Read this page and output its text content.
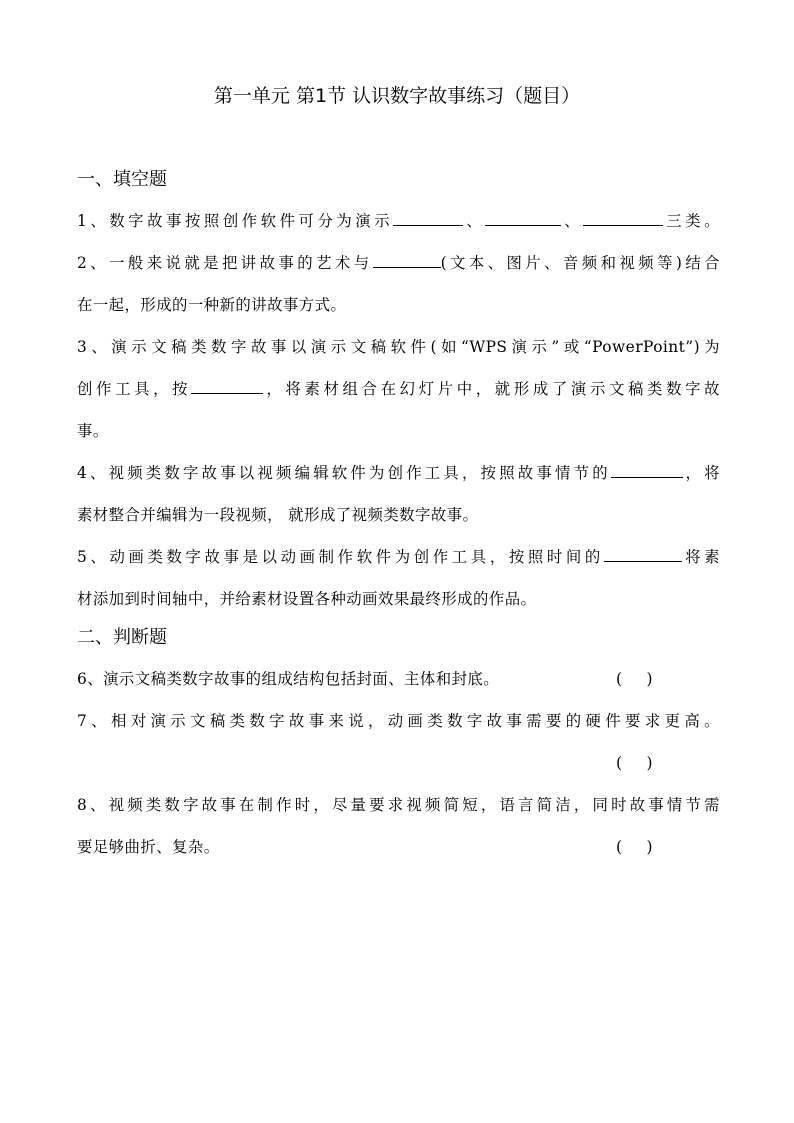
第一单元 第1节 认识数字故事练习（题目）
一、填空题
1、数字故事按照创作软件可分为演示	、	、	三类。
2、一般来说就是把讲故事的艺术与	(文本、图片、音频和视频等)结合
在一起，形成的一种新的讲故事方式。
3、演示文稿类数字故事以演示文稿软件(如“WPS演示”或“PowerPoint”)为
创作工具，按	，将素材组合在幻灯片中，就形成了演示文稿类数字故
事。
4、视频类数字故事以视频编辑软件为创作工具，按照故事情节的	，将
素材整合并编辑为一段视频， 就形成了视频类数字故事。
5、动画类数字故事是以动画制作软件为创作工具，按照时间的	将素
材添加到时间轴中，并给素材设置各种动画效果最终形成的作品。
二、判断题
6、演示文稿类数字故事的组成结构包括封面、主体和封底。	(     )
7、相对演示文稿类数字故事来说，动画类数字故事需要的硬件要求更高。
(     )
8、视频类数字故事在制作时，尽量要求视频简短，语言简洁，同时故事情节需
要足够曲折、复杂。	(     )
